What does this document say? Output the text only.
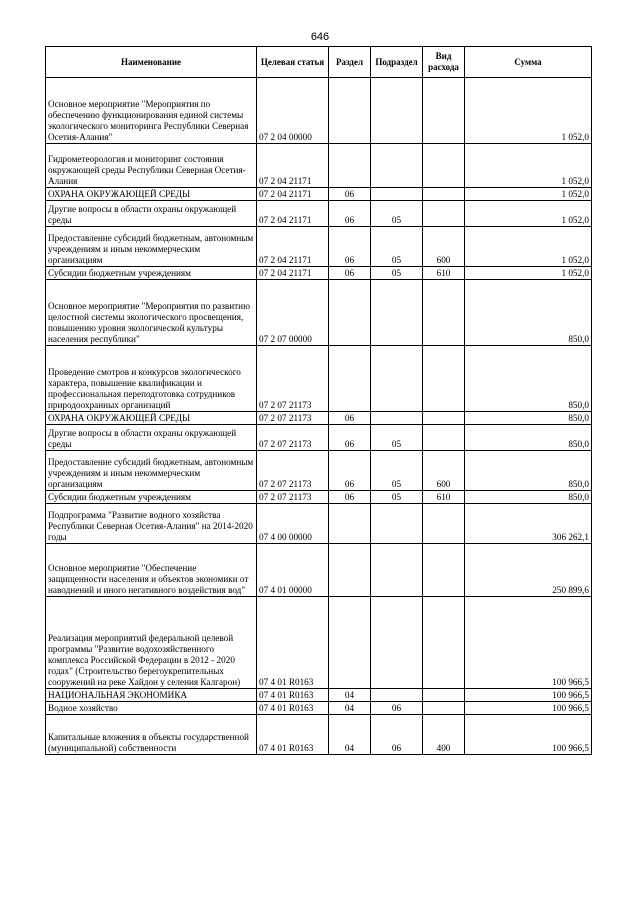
646
Наименование	Целевая статья	Раздел	Подраздел	Вид расхода	Сумма
Основное мероприятие "Мероприятия по обеспечению функционирования единой системы экологического мониторинга Республики Северная Осетия-Алания"	07 2 04 00000				1 052,0
Гидрометеорология и мониторинг состояния окружающей среды Республики Северная Осетия-Алания	07 2 04 21171				1 052,0
ОХРАНА ОКРУЖАЮЩЕЙ СРЕДЫ	07 2 04 21171	06			1 052,0
Другие вопросы в области охраны окружающей среды	07 2 04 21171	06	05		1 052,0
Предоставление субсидий бюджетным, автономным учреждениям и иным некоммерческим организациям	07 2 04 21171	06	05	600	1 052,0
Субсидии бюджетным учреждениям	07 2 04 21171	06	05	610	1 052,0
Основное мероприятие "Мероприятия по развитию целостной системы экологического просвещения, повышению уровня экологической культуры населения республики"	07 2 07 00000				850,0
Проведение смотров и конкурсов экологического характера, повышение квалификации и профессиональная переподготовка сотрудников природоохранных организаций	07 2 07 21173				850,0
ОХРАНА ОКРУЖАЮЩЕЙ СРЕДЫ	07 2 07 21173	06			850,0
Другие вопросы в области охраны окружающей среды	07 2 07 21173	06	05		850,0
Предоставление субсидий бюджетным, автономным учреждениям и иным некоммерческим организациям	07 2 07 21173	06	05	600	850,0
Субсидии бюджетным учреждениям	07 2 07 21173	06	05	610	850,0
Подпрограмма "Развитие водного хозяйства Республики Северная Осетия-Алания" на 2014-2020 годы	07 4 00 00000				306 262,1
Основное мероприятие "Обеспечение защищенности населения и объектов экономики от наводнений и иного негативного воздействия вод"	07 4 01 00000				250 899,6
Реализация мероприятий федеральной целевой программы "Развитие водохозяйственного комплекса Российской Федерации в 2012 - 2020 годах" (Строительство берегоукрепительных сооружений на реке Хайдон у селения Калгарон)	07 4 01 R0163				100 966,5
НАЦИОНАЛЬНАЯ ЭКОНОМИКА	07 4 01 R0163	04			100 966,5
Водное хозяйство	07 4 01 R0163	04	06		100 966,5
Капитальные вложения в объекты государственной (муниципальной) собственности	07 4 01 R0163	04	06	400	100 966,5
